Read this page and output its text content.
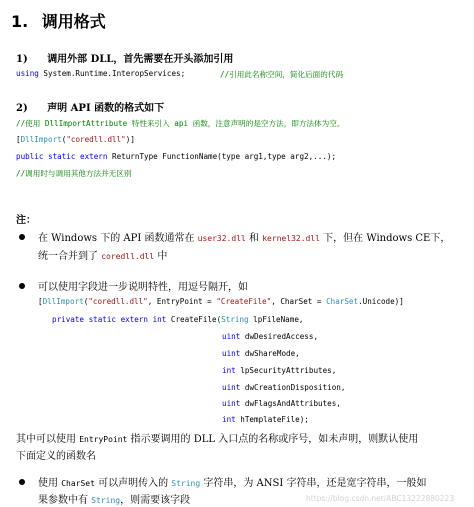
1. 调用格式
1) 调用外部 DLL，首先需要在开头添加引用
using System.Runtime.InteropServices;	//引用此名称空间，简化后面的代码
2) 声明 API 函数的格式如下
//使用 DllImportAttribute 特性来引入 api 函数，注意声明的是空方法，即方法体为空。
[DllImport("coredll.dll")]
public static extern ReturnType FunctionName(type arg1,type arg2,...);
//调用时与调用其他方法并无区别
注：
在 Windows 下的 API 函数通常在 user32.dll 和 kernel32.dll 下，但在 Windows CE下，
统一合并到了 coredll.dll 中
可以使用字段进一步说明特性，用逗号隔开，如
[DllImport("coredll.dll", EntryPoint = "CreateFile", CharSet = CharSet.Unicode)]
private static extern int CreateFile(String lpFileName,
uint dwDesiredAccess,
uint dwShareMode,
int lpSecurityAttributes,
uint dwCreationDisposition,
uint dwFlagsAndAttributes,
int hTemplateFile);
其中可以使用 EntryPoint 指示要调用的 DLL 入口点的名称或序号，如未声明，则默认使用
下面定义的函数名
使用 CharSet 可以声明传入的 String 字符串，为 ANSI 字符串，还是宽字符串，一般如
果参数中有 String，则需要该字段	https://blog.csdn.net/ABC13222880223
